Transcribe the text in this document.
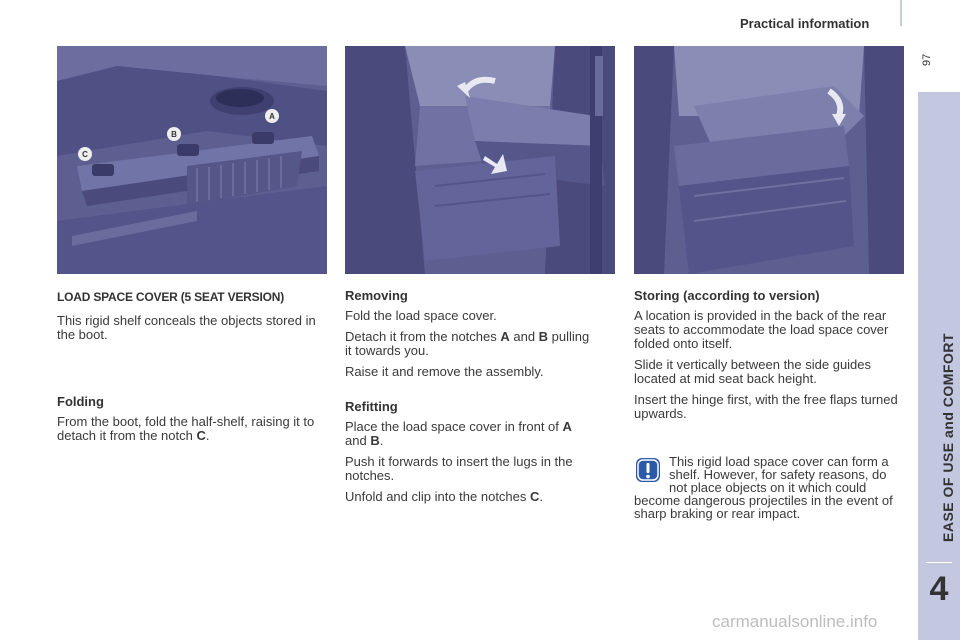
Practical information
97
EASE OF USE and COMFORT
4
A
B
C
LOAD SPACE COVER (5 SEAT VERSION)

This rigid shelf conceals the objects stored in the boot.

Folding

From the boot, fold the half-shelf, raising it to detach it from the notch C.

Removing

Fold the load space cover.

Detach it from the notches A and B pulling it towards you.

Raise it and remove the assembly.

Refitting

Place the load space cover in front of A and B.

Push it forwards to insert the lugs in the notches.

Unfold and clip into the notches C.

Storing (according to version)

A location is provided in the back of the rear seats to accommodate the load space cover folded onto itself.

Slide it vertically between the side guides located at mid seat back height.

Insert the hinge first, with the free flaps turned upwards.

This rigid load space cover can form a shelf. However, for safety reasons, do not place objects on it which could become dangerous projectiles in the event of sharp braking or rear impact.
carmanualsonline.info
